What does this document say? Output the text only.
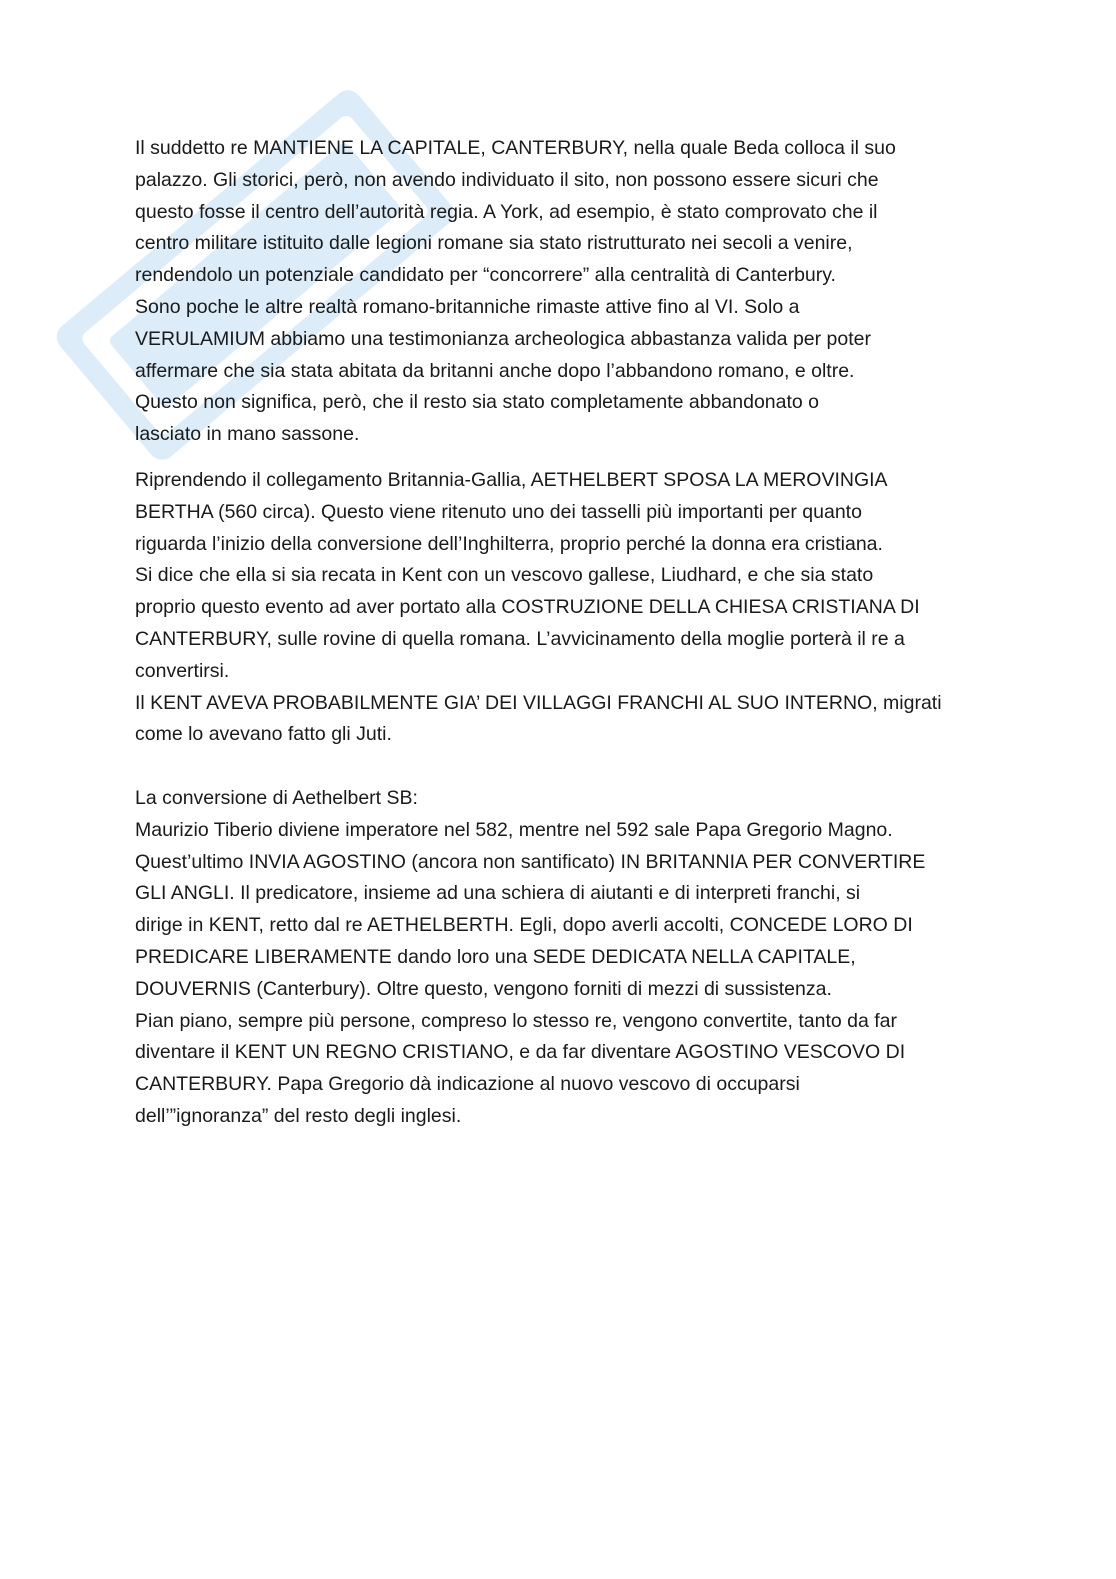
Il suddetto re MANTIENE LA CAPITALE, CANTERBURY, nella quale Beda colloca il suo
palazzo. Gli storici, però, non avendo individuato il sito, non possono essere sicuri che
questo fosse il centro dell’autorità regia. A York, ad esempio, è stato comprovato che il
centro militare istituito dalle legioni romane sia stato ristrutturato nei secoli a venire,
rendendolo un potenziale candidato per “concorrere” alla centralità di Canterbury.
Sono poche le altre realtà romano-britanniche rimaste attive fino al VI. Solo a
VERULAMIUM abbiamo una testimonianza archeologica abbastanza valida per poter
affermare che sia stata abitata da britanni anche dopo l’abbandono romano, e oltre.
Questo non significa, però, che il resto sia stato completamente abbandonato o
lasciato in mano sassone.
Riprendendo il collegamento Britannia-Gallia, AETHELBERT SPOSA LA MEROVINGIA
BERTHA (560 circa). Questo viene ritenuto uno dei tasselli più importanti per quanto
riguarda l’inizio della conversione dell’Inghilterra, proprio perché la donna era cristiana.
Si dice che ella si sia recata in Kent con un vescovo gallese, Liudhard, e che sia stato
proprio questo evento ad aver portato alla COSTRUZIONE DELLA CHIESA CRISTIANA DI
CANTERBURY, sulle rovine di quella romana. L’avvicinamento della moglie porterà il re a
convertirsi.
Il KENT AVEVA PROBABILMENTE GIA’ DEI VILLAGGI FRANCHI AL SUO INTERNO, migrati
come lo avevano fatto gli Juti.
La conversione di Aethelbert SB:
Maurizio Tiberio diviene imperatore nel 582, mentre nel 592 sale Papa Gregorio Magno.
Quest’ultimo INVIA AGOSTINO (ancora non santificato) IN BRITANNIA PER CONVERTIRE
GLI ANGLI. Il predicatore, insieme ad una schiera di aiutanti e di interpreti franchi, si
dirige in KENT, retto dal re AETHELBERTH. Egli, dopo averli accolti, CONCEDE LORO DI
PREDICARE LIBERAMENTE dando loro una SEDE DEDICATA NELLA CAPITALE,
DOUVERNIS (Canterbury). Oltre questo, vengono forniti di mezzi di sussistenza.
Pian piano, sempre più persone, compreso lo stesso re, vengono convertite, tanto da far
diventare il KENT UN REGNO CRISTIANO, e da far diventare AGOSTINO VESCOVO DI
CANTERBURY. Papa Gregorio dà indicazione al nuovo vescovo di occuparsi
dell’”ignoranza” del resto degli inglesi.
